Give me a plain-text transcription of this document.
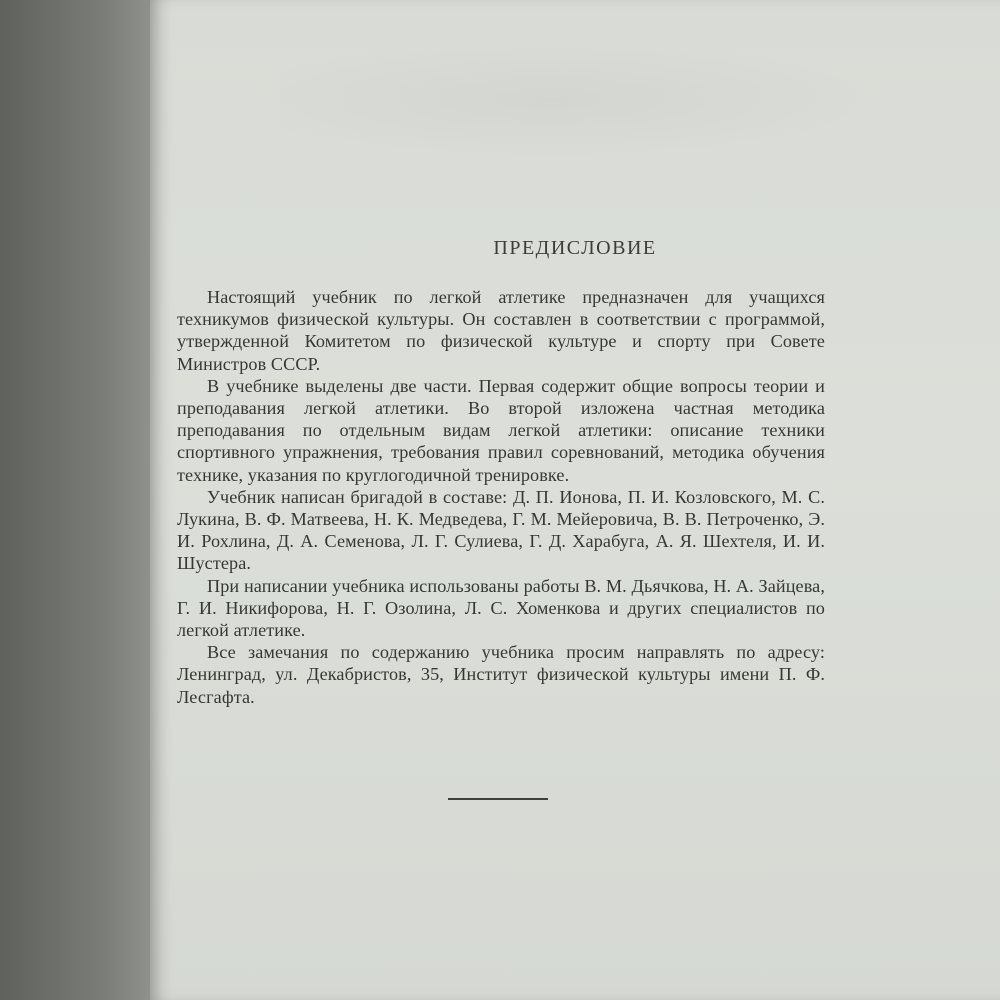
ПРЕДИСЛОВИЕ

Настоящий учебник по легкой атлетике предназначен для учащихся техникумов физической культуры. Он составлен в соответствии с программой, утвержденной Комитетом по физической культуре и спорту при Совете Министров СССР.

В учебнике выделены две части. Первая содержит общие вопросы теории и преподавания легкой атлетики. Во второй изложена частная методика преподавания по отдельным видам легкой атлетики: описание техники спортивного упражнения, требования правил соревнований, методика обучения технике, указания по круглогодичной тренировке.

Учебник написан бригадой в составе: Д. П. Ионова, П. И. Козловского, М. С. Лукина, В. Ф. Матвеева, Н. К. Медведева, Г. М. Мейеровича, В. В. Петроченко, Э. И. Рохлина, Д. А. Семенова, Л. Г. Сулиева, Г. Д. Харабуга, А. Я. Шехтеля, И. И. Шустера.

При написании учебника использованы работы В. М. Дьячкова, Н. А. Зайцева, Г. И. Никифорова, Н. Г. Озолина, Л. С. Хоменкова и других специалистов по легкой атлетике.

Все замечания по содержанию учебника просим направлять по адресу: Ленинград, ул. Декабристов, 35, Институт физической культуры имени П. Ф. Лесгафта.
